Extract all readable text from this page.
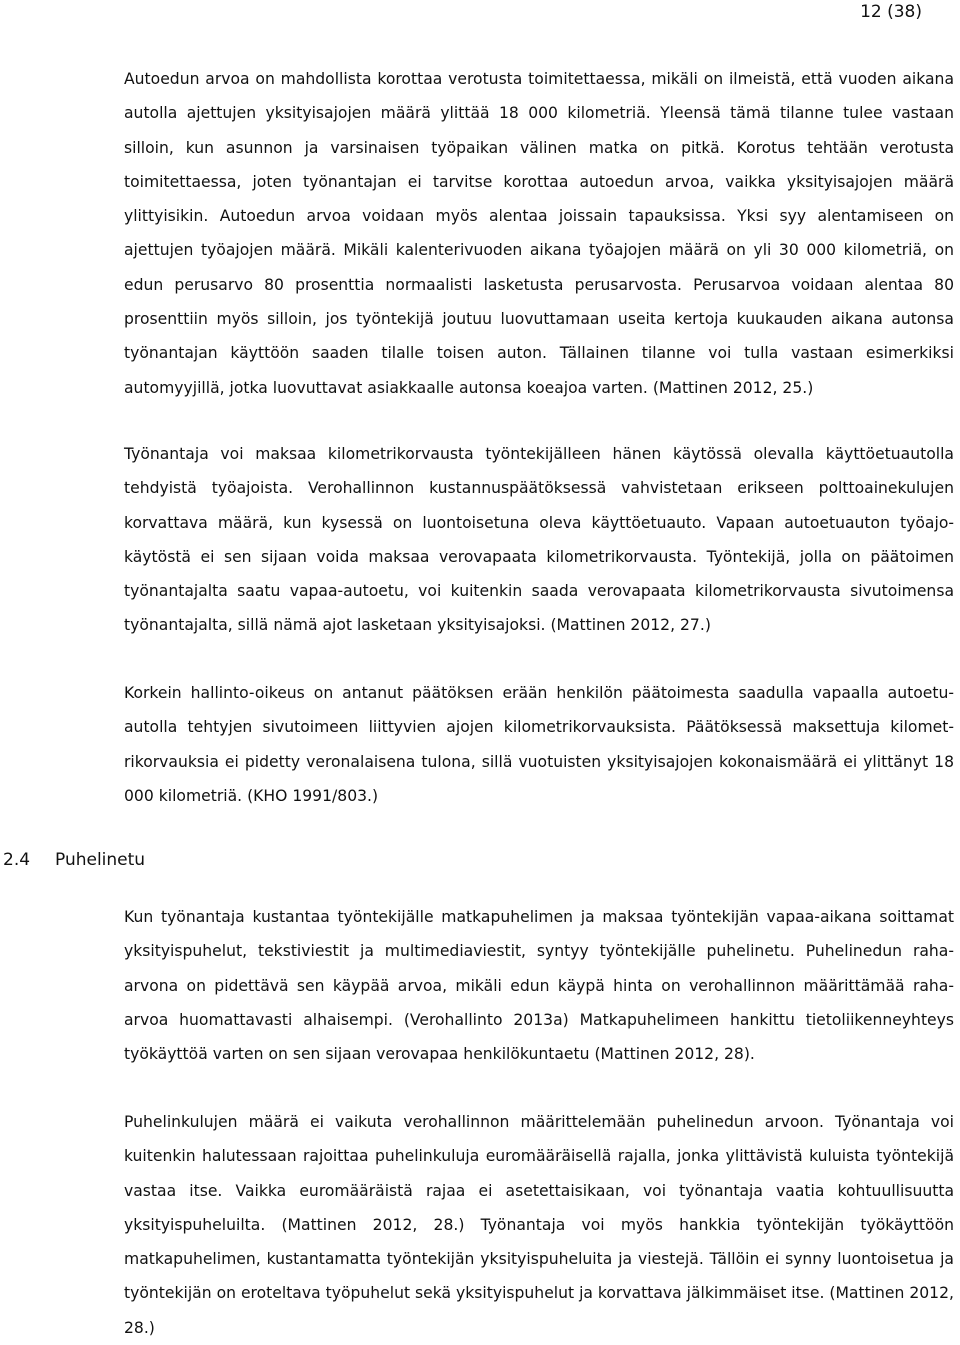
12 (38)

Autoedun arvoa on mahdollista korottaa verotusta toimitettaessa, mikäli on ilmeistä, että vuoden aikana autolla ajettujen yksityisajojen määrä ylittää 18 000 kilometriä. Yleensä tämä tilanne tulee vastaan silloin, kun asunnon ja varsinaisen työpaikan välinen matka on pitkä. Korotus tehtään verotusta toimitettaessa, joten työnantajan ei tarvitse korottaa autoedun arvoa, vaikka yksityisajojen määrä ylittyisikin. Autoedun arvoa voidaan myös alentaa joissain tapauksissa. Yksi syy alentamiseen on ajettujen työajojen määrä. Mikäli kalenterivuoden aikana työajojen määrä on yli 30 000 kilometriä, on edun perusarvo 80 prosenttia normaalisti lasketusta perusarvosta. Perusarvoa voidaan alentaa 80 prosenttiin myös silloin, jos työntekijä joutuu luovuttamaan useita kertoja kuukauden aikana autonsa työnantajan käyttöön saaden tilalle toisen auton. Tällainen tilanne voi tulla vastaan esimerkiksi automyyjillä, jotka luovuttavat asiakkaalle autonsa koeajoa varten. (Mattinen 2012, 25.)

Työnantaja voi maksaa kilometrikorvausta työntekijälleen hänen käytössä olevalla käyttöetuautolla tehdyistä työajoista. Verohallinnon kustannuspäätöksessä vahvistetaan erikseen polttoainekulujen korvattava määrä, kun kysessä on luontoisetuna oleva käyttöetuauto. Vapaan autoetuauton työajokäytöstä ei sen sijaan voida maksaa verovapaata kilometrikorvausta. Työntekijä, jolla on päätoimen työnantajalta saatu vapaa-autoetu, voi kuitenkin saada verovapaata kilometrikorvausta sivutoimensa työnantajalta, sillä nämä ajot lasketaan yksityisajoksi. (Mattinen 2012, 27.)

Korkein hallinto-oikeus on antanut päätöksen erään henkilön päätoimesta saadulla vapaalla autoetuautolla tehtyjen sivutoimeen liittyvien ajojen kilometrikorvauksista. Päätöksessä maksettuja kilometrikorvauksia ei pidetty veronalaisena tulona, sillä vuotuisten yksityisajojen kokonaismäärä ei ylittänyt 18 000 kilometriä. (KHO 1991/803.)

2.4 Puhelinetu

Kun työnantaja kustantaa työntekijälle matkapuhelimen ja maksaa työntekijän vapaa-aikana soittamat yksityispuhelut, tekstiviestit ja multimediaviestit, syntyy työntekijälle puhelinetu. Puhelinedun raha-arvona on pidettävä sen käypää arvoa, mikäli edun käypä hinta on verohallinnon määrittämää raha-arvoa huomattavasti alhaisempi. (Verohallinto 2013a) Matkapuhelimeen hankittu tietoliikenneyhteys työkäyttöä varten on sen sijaan verovapaa henkilökuntaetu (Mattinen 2012, 28).

Puhelinkulujen määrä ei vaikuta verohallinnon määrittelemään puhelinedun arvoon. Työnantaja voi kuitenkin halutessaan rajoittaa puhelinkuluja euromääräisellä rajalla, jonka ylittävistä kuluista työntekijä vastaa itse. Vaikka euromääräistä rajaa ei asetettaisikaan, voi työnantaja vaatia kohtuullisuutta yksityispuheluilta. (Mattinen 2012, 28.) Työnantaja voi myös hankkia työntekijän työkäyttöön matkapuhelimen, kustantamatta työntekijän yksityispuheluita ja viestejä. Tällöin ei synny luontoisetua ja työntekijän on eroteltava työpuhelut sekä yksityispuhelut ja korvattava jälkimmäiset itse. (Mattinen 2012, 28.)
